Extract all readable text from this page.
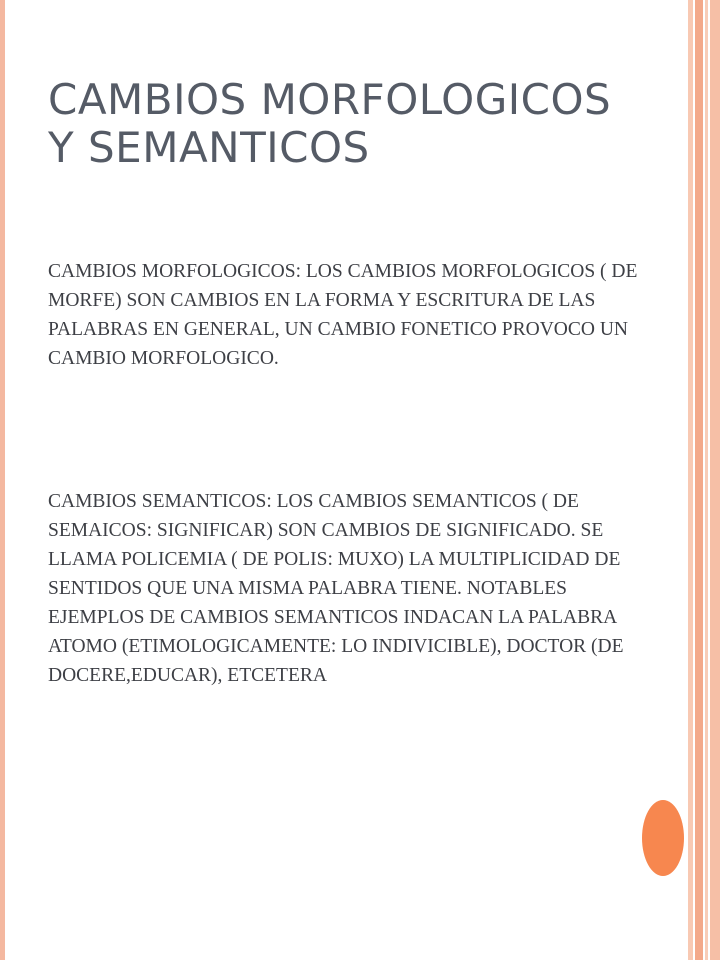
CAMBIOS MORFOLOGICOS Y SEMANTICOS

CAMBIOS MORFOLOGICOS: LOS CAMBIOS MORFOLOGICOS ( DE MORFE) SON CAMBIOS EN LA FORMA Y ESCRITURA DE LAS PALABRAS EN GENERAL, UN CAMBIO FONETICO PROVOCO UN CAMBIO MORFOLOGICO.

CAMBIOS SEMANTICOS: LOS CAMBIOS SEMANTICOS ( DE SEMAICOS: SIGNIFICAR) SON CAMBIOS DE SIGNIFICADO. SE LLAMA POLICEMIA ( DE POLIS: MUXO) LA MULTIPLICIDAD DE SENTIDOS QUE UNA MISMA PALABRA TIENE. NOTABLES EJEMPLOS DE CAMBIOS SEMANTICOS INDACAN LA PALABRA ATOMO (ETIMOLOGICAMENTE: LO INDIVICIBLE), DOCTOR (DE DOCERE,EDUCAR), ETCETERA
